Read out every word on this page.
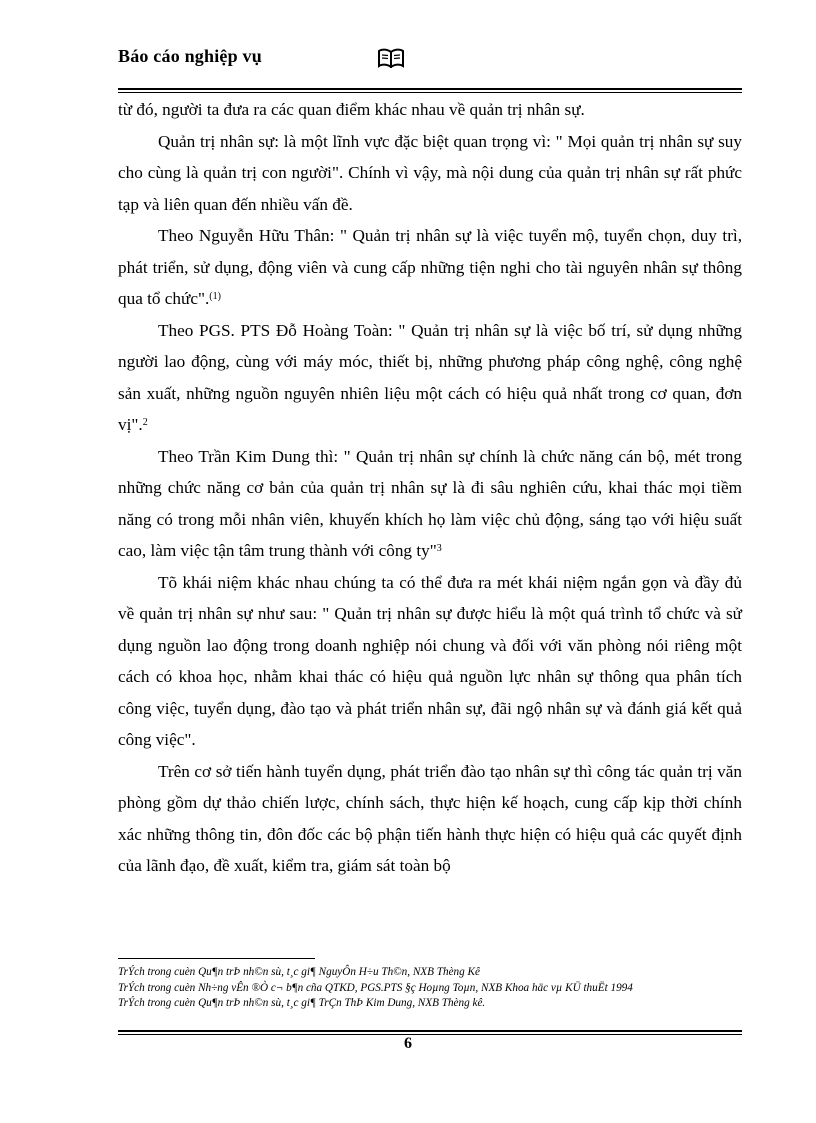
Báo cáo nghiệp vụ

từ đó, người ta đưa ra các quan điểm khác nhau về quản trị nhân sự.

Quản trị nhân sự: là một lĩnh vực đặc biệt quan trọng vì: " Mọi quản trị nhân sự suy cho cùng là quản trị con người". Chính vì vậy, mà nội dung của quản trị nhân sự rất phức tạp và liên quan đến nhiều vấn đề.

Theo Nguyễn Hữu Thân: " Quản trị nhân sự là việc tuyển mộ, tuyển chọn, duy trì, phát triển, sử dụng, động viên và cung cấp những tiện nghi cho tài nguyên nhân sự thông qua tổ chức".$^{(1)}$

Theo PGS. PTS Đỗ Hoàng Toàn: " Quản trị nhân sự là việc bố trí, sử dụng những người lao động, cùng với máy móc, thiết bị, những phương pháp công nghệ, công nghệ sản xuất, những nguồn nguyên nhiên liệu một cách có hiệu quả nhất trong cơ quan, đơn vị".$^2$

Theo Trần Kim Dung thì: " Quản trị nhân sự chính là chức năng cán bộ, mét trong những chức năng cơ bản của quản trị nhân sự là đi sâu nghiên cứu, khai thác mọi tiềm năng có trong mỗi nhân viên, khuyến khích họ làm việc chủ động, sáng tạo với hiệu suất cao, làm việc tận tâm trung thành với công ty"$^3$

Tõ khái niệm khác nhau chúng ta có thể đưa ra mét khái niệm ngắn gọn và đầy đủ về quản trị nhân sự như sau: " Quản trị nhân sự được hiểu là một quá trình tổ chức và sử dụng nguồn lao động trong doanh nghiệp nói chung và đối với văn phòng nói riêng một cách có khoa học, nhằm khai thác có hiệu quả nguồn lực nhân sự thông qua phân tích công việc, tuyển dụng, đào tạo và phát triển nhân sự, đãi ngộ nhân sự và đánh giá kết quả công việc".

Trên cơ sở tiến hành tuyển dụng, phát triển đào tạo nhân sự thì công tác quản trị văn phòng gồm dự thảo chiến lược, chính sách, thực hiện kế hoạch, cung cấp kịp thời chính xác những thông tin, đôn đốc các bộ phận tiến hành thực hiện có hiệu quả các quyết định của lãnh đạo, đề xuất, kiểm tra, giám sát toàn bộ

TrÝch trong cuèn Qu¶n trÞ nh©n sù, t¸c gi¶ NguyÔn H÷u Th©n, NXB Thèng Kê
TrÝch trong cuèn Nh÷ng vÊn ®Ò c¬ b¶n cña QTKD, PGS.PTS §ç Hoµng Toµn, NXB Khoa häc vµ KÜ thuËt 1994
TrÝch trong cuèn Qu¶n trÞ nh©n sù, t¸c gi¶ TrÇn ThÞ Kim Dung, NXB Thèng kê.
6
